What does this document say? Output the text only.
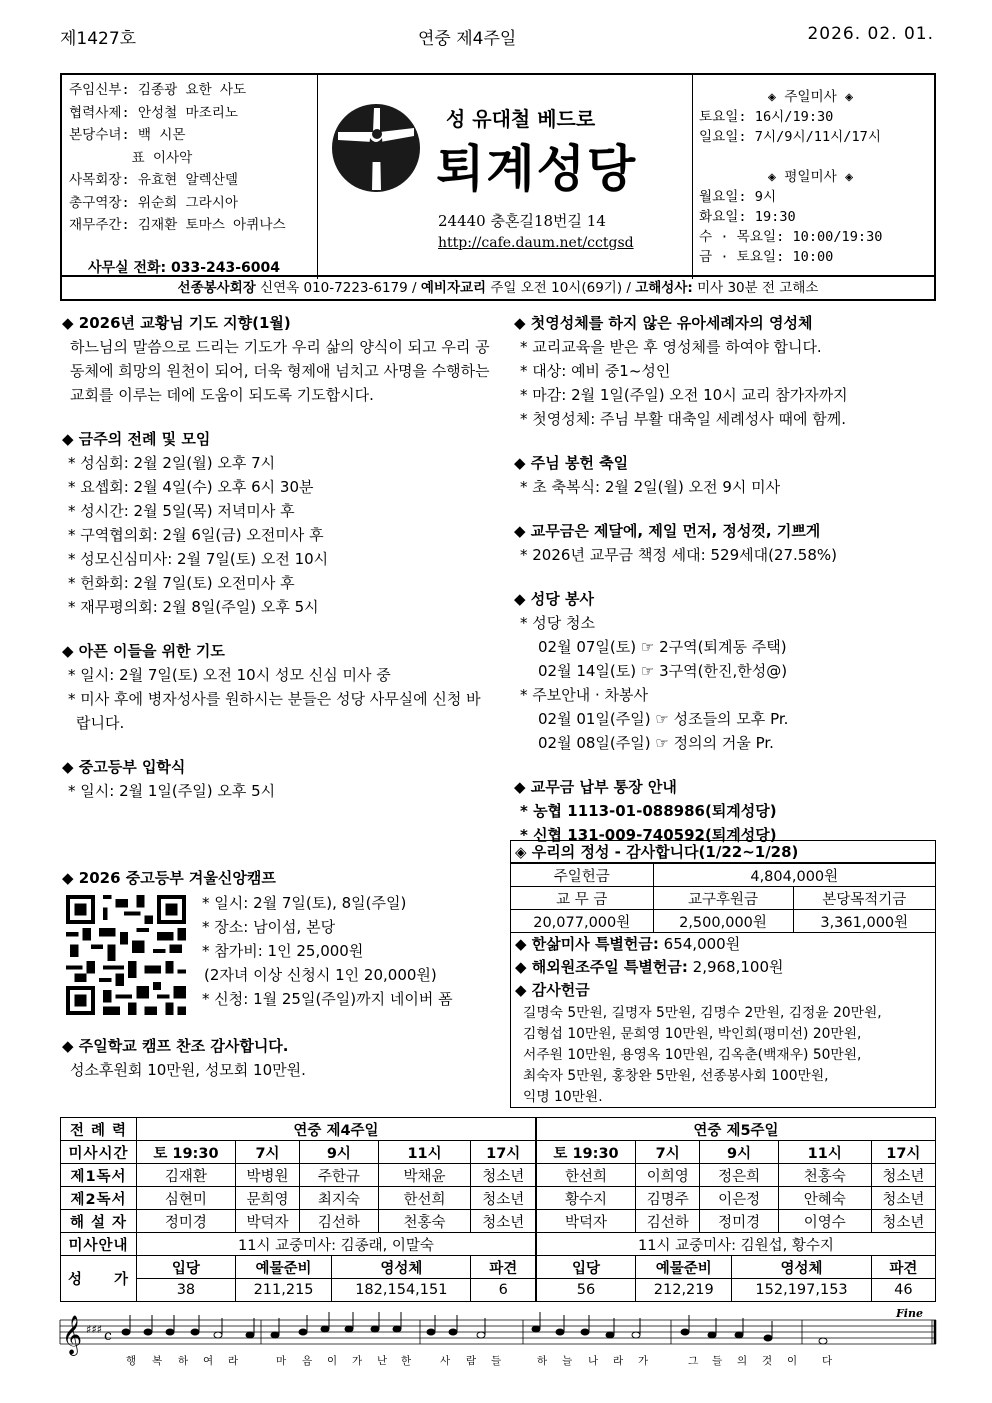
제1427호	연중 제4주일	2026. 02. 01.
주임신부: 김종광 요한 사도
협력사제: 안성철 마조리노
본당수녀: 백 시몬
　　　　 표 이사악
사목회장: 유효현 알렉산델
총구역장: 위순희 그라시아
재무주간: 김재환 토마스 아퀴나스
사무실 전화: 033-243-6004
성 유대철 베드로
퇴계성당
24440 충혼길18번길 14
http://cafe.daum.net/cctgsd
◈ 주일미사 ◈
토요일: 16시/19:30
일요일: 7시/9시/11시/17시
◈ 평일미사 ◈
월요일: 9시
화요일: 19:30
수 · 목요일: 10:00/19:30
금 · 토요일: 10:00
선종봉사회장 신연옥 010-7223-6179 / 예비자교리 주일 오전 10시(69기) / 고해성사: 미사 30분 전 고해소
◆ 2026년 교황님 기도 지향(1월)
하느님의 말씀으로 드리는 기도가 우리 삶의 양식이 되고 우리 공동체에 희망의 원천이 되어, 더욱 형제애 넘치고 사명을 수행하는 교회를 이루는 데에 도움이 되도록 기도합시다.
◆ 금주의 전례 및 모임
* 성심회: 2월 2일(월) 오후 7시
* 요셉회: 2월 4일(수) 오후 6시 30분
* 성시간: 2월 5일(목) 저녁미사 후
* 구역협의회: 2월 6일(금) 오전미사 후
* 성모신심미사: 2월 7일(토) 오전 10시
* 헌화회: 2월 7일(토) 오전미사 후
* 재무평의회: 2월 8일(주일) 오후 5시
◆ 아픈 이들을 위한 기도
* 일시: 2월 7일(토) 오전 10시 성모 신심 미사 중
* 미사 후에 병자성사를 원하시는 분들은 성당 사무실에 신청 바랍니다.
◆ 중고등부 입학식
* 일시: 2월 1일(주일) 오후 5시
◆ 2026 중고등부 겨울신앙캠프
* 일시: 2월 7일(토), 8일(주일)
* 장소: 남이섬, 본당
* 참가비: 1인 25,000원
(2자녀 이상 신청시 1인 20,000원)
* 신청: 1월 25일(주일)까지 네이버 폼
◆ 주일학교 캠프 찬조 감사합니다.
성소후원회 10만원, 성모회 10만원.
◆ 첫영성체를 하지 않은 유아세례자의 영성체
* 교리교육을 받은 후 영성체를 하여야 합니다.
* 대상: 예비 중1~성인
* 마감: 2월 1일(주일) 오전 10시 교리 참가자까지
* 첫영성체: 주님 부활 대축일 세례성사 때에 함께.
◆ 주님 봉헌 축일
* 초 축복식: 2월 2일(월) 오전 9시 미사
◆ 교무금은 제달에, 제일 먼저, 정성껏, 기쁘게
* 2026년 교무금 책정 세대: 529세대(27.58%)
◆ 성당 봉사
* 성당 청소
02월 07일(토) ☞ 2구역(퇴계동 주택)
02월 14일(토) ☞ 3구역(한진,한성@)
* 주보안내 · 차봉사
02월 01일(주일) ☞ 성조들의 모후 Pr.
02월 08일(주일) ☞ 정의의 거울 Pr.
◆ 교무금 납부 통장 안내
* 농협 1113-01-088986(퇴계성당)
* 신협 131-009-740592(퇴계성당)
◈ 우리의 정성 - 감사합니다(1/22~1/28)
주일헌금	4,804,000원	
교 무 금	교구후원금	본당목적기금
20,077,000원	2,500,000원	3,361,000원
◆ 한삶미사 특별헌금: 654,000원
◆ 해외원조주일 특별헌금: 2,968,100원
◆ 감사헌금
길명숙 5만원, 길명자 5만원, 김명수 2만원, 김정윤 20만원,
김형섭 10만원, 문희영 10만원, 박인희(평미선) 20만원,
서주원 10만원, 용영옥 10만원, 김옥춘(백재우) 50만원,
최숙자 5만원, 홍창완 5만원, 선종봉사회 100만원,
익명 10만원.
전 례 력	연중 제4주일						연중 제5주일					
미사시간	토 19:30	7시	9시		11시	17시	토 19:30	7시	9시		11시	17시
제1독서	김재환	박병원	주한규		박채윤	청소년	한선희	이희영	정은희		천홍숙	청소년
제2독서	심현미	문희영	최지숙		한선희	청소년	황수지	김명주	이은정		안혜숙	청소년
해 설 자	정미경	박덕자	김선하		천홍숙	청소년	박덕자	김선하	정미경		이영수	청소년
미사안내	11시 교중미사: 김종래, 이말숙						11시 교중미사: 김원섭, 황수지					
성　　가	입당	예물준비		영성체		파견	입당	예물준비		영성체		파견
	38	211,215		182,154,151		6	56	212,219		152,197,153		46
𝄞 ♯♯♯ c
Fine
행 복 하 여 라	마 음 이 가 난 한	사 람 들	하 늘 나 라 가	그 들 의 것 이 다
